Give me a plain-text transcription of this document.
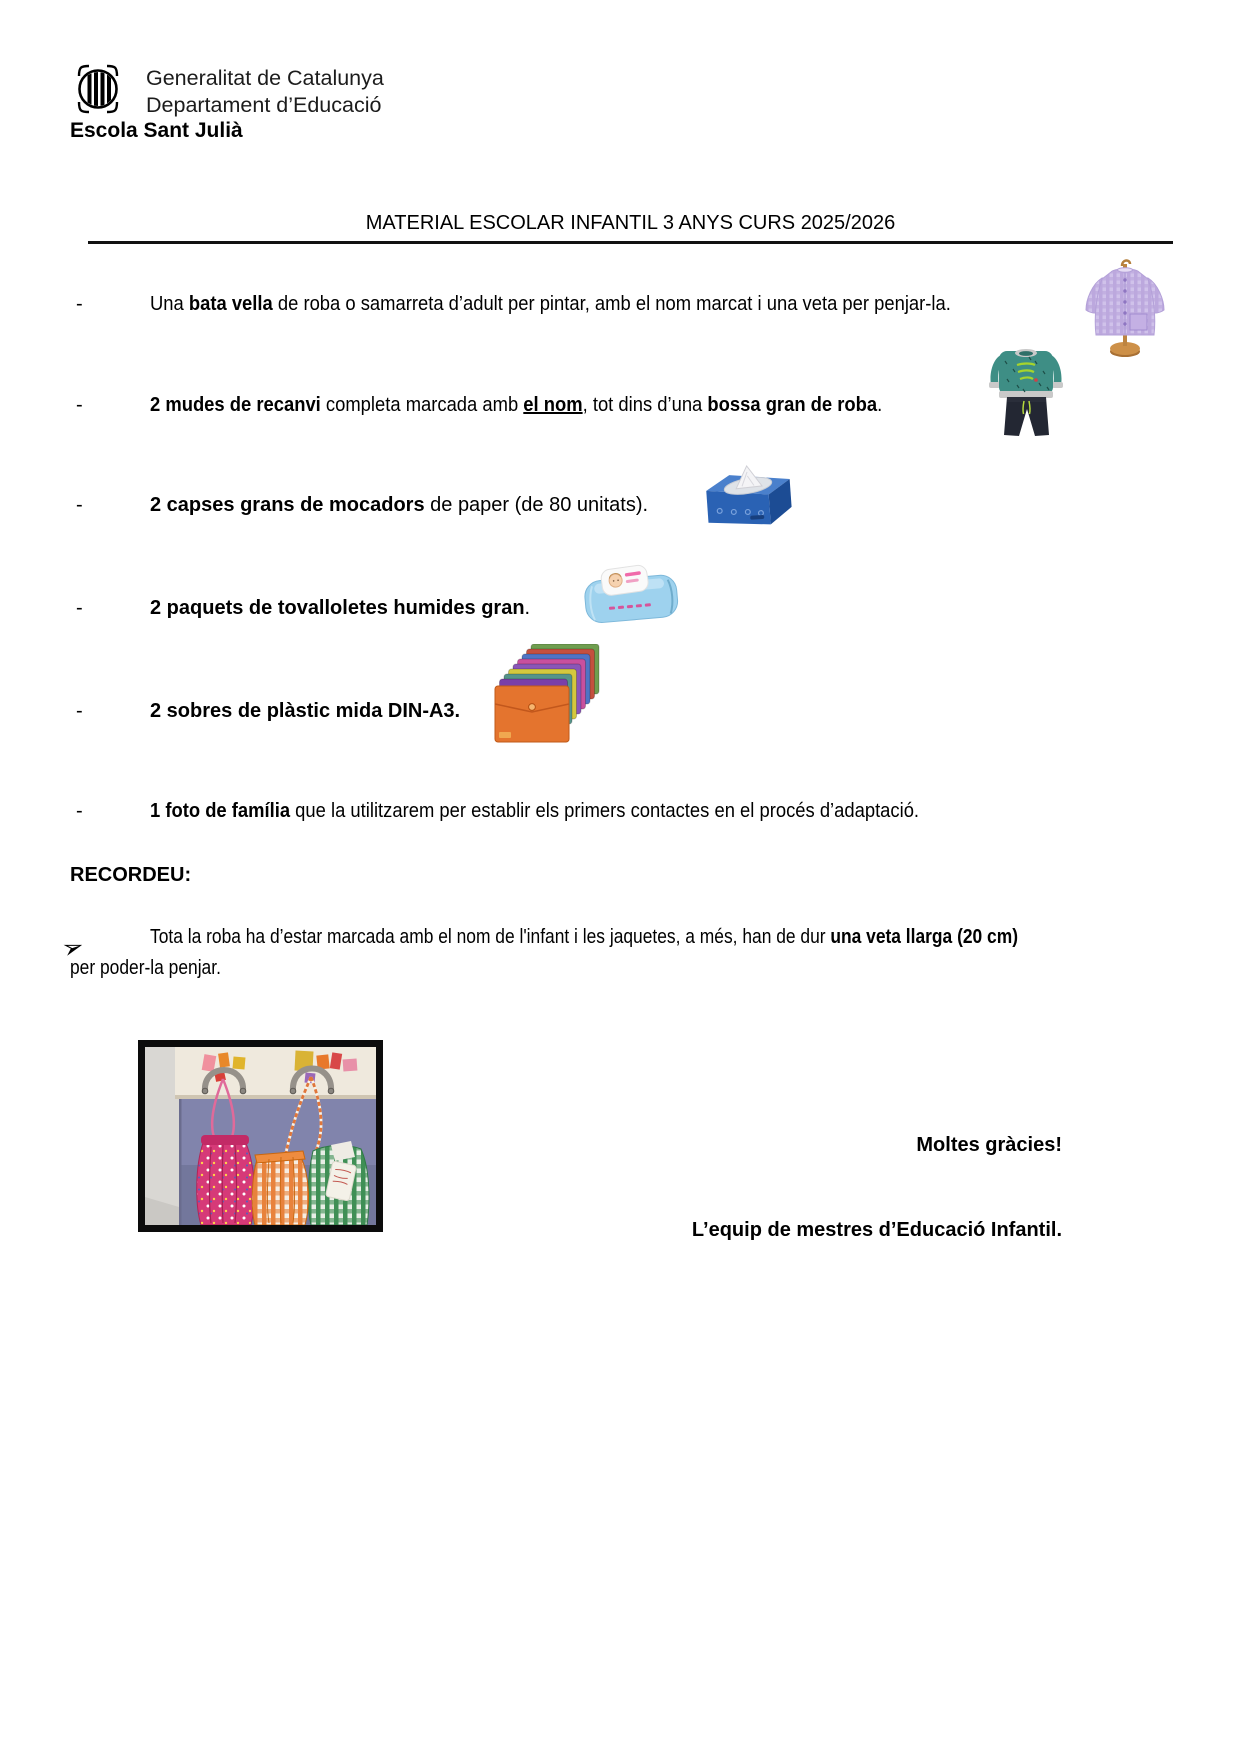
Generalitat de Catalunya
Departament d’Educació
Escola Sant Julià
MATERIAL ESCOLAR INFANTIL 3 ANYS CURS 2025/2026
-	Una bata vella de roba o samarreta d’adult per pintar, amb el nom marcat i una veta per penjar-la.
-	2 mudes de recanvi completa marcada amb el nom, tot dins d’una bossa gran de roba.
-	2 capses grans de mocadors de paper (de 80 unitats).
-	2 paquets de tovalloletes humides gran.
-	2 sobres de plàstic mida DIN-A3.
-	1 foto de família que la utilitzarem per establir els primers contactes en el procés d’adaptació.
RECORDEU:
➢	Tota la roba ha d’estar marcada amb el nom de l'infant i les jaquetes, a més, han de dur una veta llarga (20 cm)
per poder-la penjar.
Moltes gràcies!
L’equip de mestres d’Educació Infantil.
